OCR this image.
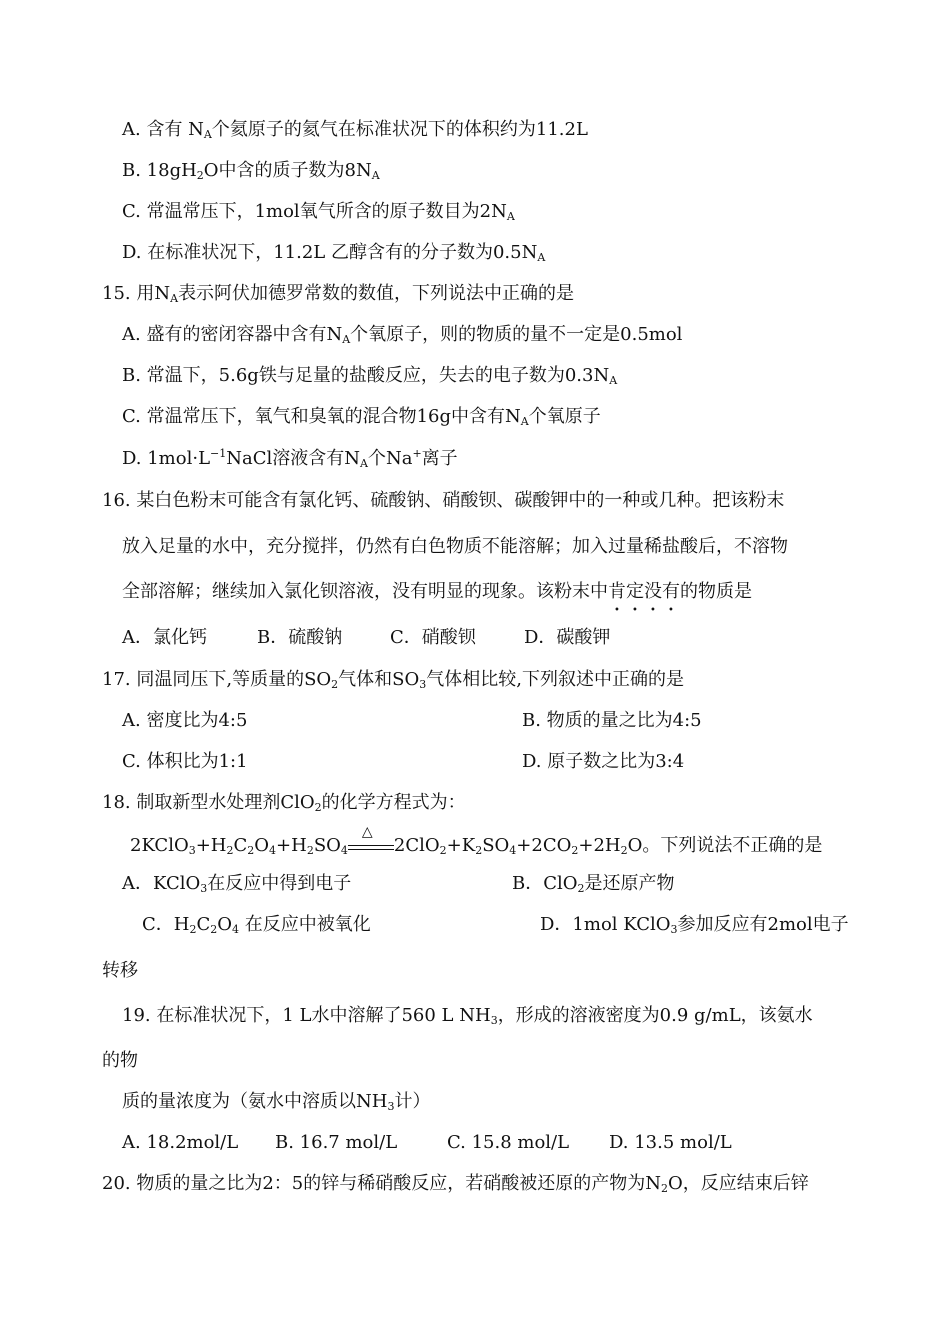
A. 含有 $N_A$个氦原子的氦气在标准状况下的体积约为11.2L
B. $18gH_2O$中含的质子数为$8N_A$
C. 常温常压下，1mol氧气所含的原子数目为$2N_A$
D. 在标准状况下，11.2L 乙醇含有的分子数为$0.5N_A$
15. 用$N_A$表示阿伏加德罗常数的数值，下列说法中正确的是
A. 盛有的密闭容器中含有$N_A$个氧原子，则的物质的量不一定是0.5mol
B. 常温下，5.6g铁与足量的盐酸反应，失去的电子数为$0.3N_A$
C. 常温常压下，氧气和臭氧的混合物16g中含有$N_A$个氧原子
D. $1mol\cdot L^{-1}NaCl$溶液含有$N_A$个Na+离子
16. 某白色粉末可能含有氯化钙、硫酸钠、硝酸钡、碳酸钾中的一种或几种。把该粉末
放入足量的水中，充分搅拌，仍然有白色物质不能溶解；加入过量稀盐酸后，不溶物
全部溶解；继续加入氯化钡溶液，没有明显的现象。该粉末中肯定没有的物质是
A．氯化钙	B．硫酸钠	C．硝酸钡	D．碳酸钾
17. 同温同压下,等质量的$SO_2$气体和$SO_3$气体相比较,下列叙述中正确的是
A. 密度比为4:5	B. 物质的量之比为4:5
C. 体积比为1:1	D. 原子数之比为3:4
18. 制取新型水处理剂ClO$_2$的化学方程式为：
$2KClO_3+H_2C_2O_4+H_2SO_4$
△
$2ClO_2+K_2SO_4+2CO_2+2H_2O$。下列说法不正确的是
A．KClO$_3$在反应中得到电子	B．ClO$_2$是还原产物
C．$H_2C_2O_4$ 在反应中被氧化	D．1mol KClO$_3$参加反应有2mol电子
转移
19. 在标准状况下，1 L水中溶解了560 L $NH_3$，形成的溶液密度为0.9 g/mL，该氨水
的物
质的量浓度为（氨水中溶质以$NH_3$计）
A. 18.2mol/L B. 16.7 mol/L	C. 15.8 mol/L D. 13.5 mol/L
20. 物质的量之比为2：5的锌与稀硝酸反应，若硝酸被还原的产物为$N_2O$，反应结束后锌
